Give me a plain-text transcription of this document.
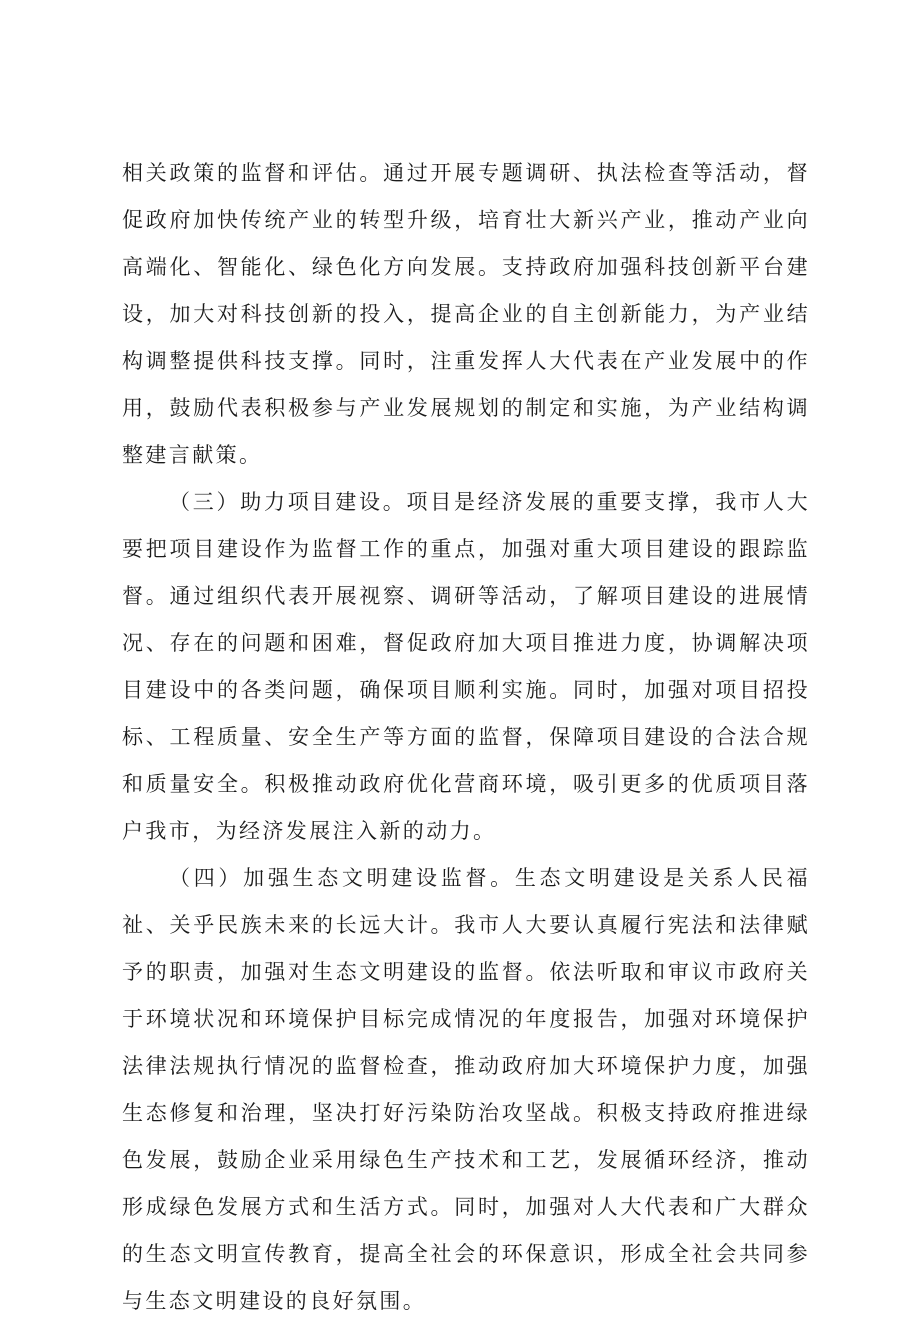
相关政策的监督和评估。通过开展专题调研、执法检查等活动，督促政府加快传统产业的转型升级，培育壮大新兴产业，推动产业向高端化、智能化、绿色化方向发展。支持政府加强科技创新平台建设，加大对科技创新的投入，提高企业的自主创新能力，为产业结构调整提供科技支撑。同时，注重发挥人大代表在产业发展中的作用，鼓励代表积极参与产业发展规划的制定和实施，为产业结构调整建言献策。

（三）助力项目建设。项目是经济发展的重要支撑，我市人大要把项目建设作为监督工作的重点，加强对重大项目建设的跟踪监督。通过组织代表开展视察、调研等活动，了解项目建设的进展情况、存在的问题和困难，督促政府加大项目推进力度，协调解决项目建设中的各类问题，确保项目顺利实施。同时，加强对项目招投标、工程质量、安全生产等方面的监督，保障项目建设的合法合规和质量安全。积极推动政府优化营商环境，吸引更多的优质项目落户我市，为经济发展注入新的动力。

（四）加强生态文明建设监督。生态文明建设是关系人民福祉、关乎民族未来的长远大计。我市人大要认真履行宪法和法律赋予的职责，加强对生态文明建设的监督。依法听取和审议市政府关于环境状况和环境保护目标完成情况的年度报告，加强对环境保护法律法规执行情况的监督检查，推动政府加大环境保护力度，加强生态修复和治理，坚决打好污染防治攻坚战。积极支持政府推进绿色发展，鼓励企业采用绿色生产技术和工艺，发展循环经济，推动形成绿色发展方式和生活方式。同时，加强对人大代表和广大群众的生态文明宣传教育，提高全社会的环保意识，形成全社会共同参与生态文明建设的良好氛围。
